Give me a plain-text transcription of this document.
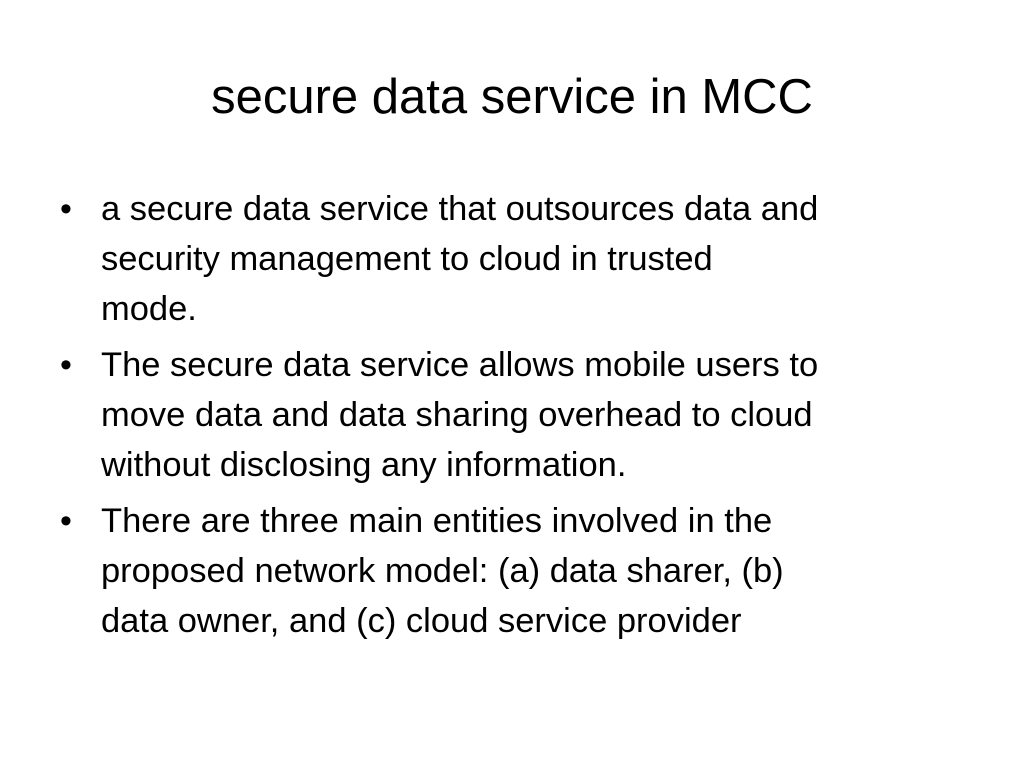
secure data service in MCC
• a secure data service that outsources data and
security management to cloud in trusted
mode.
• The secure data service allows mobile users to
move data and data sharing overhead to cloud
without disclosing any information.
• There are three main entities involved in the
proposed network model: (a) data sharer, (b)
data owner, and (c) cloud service provider
